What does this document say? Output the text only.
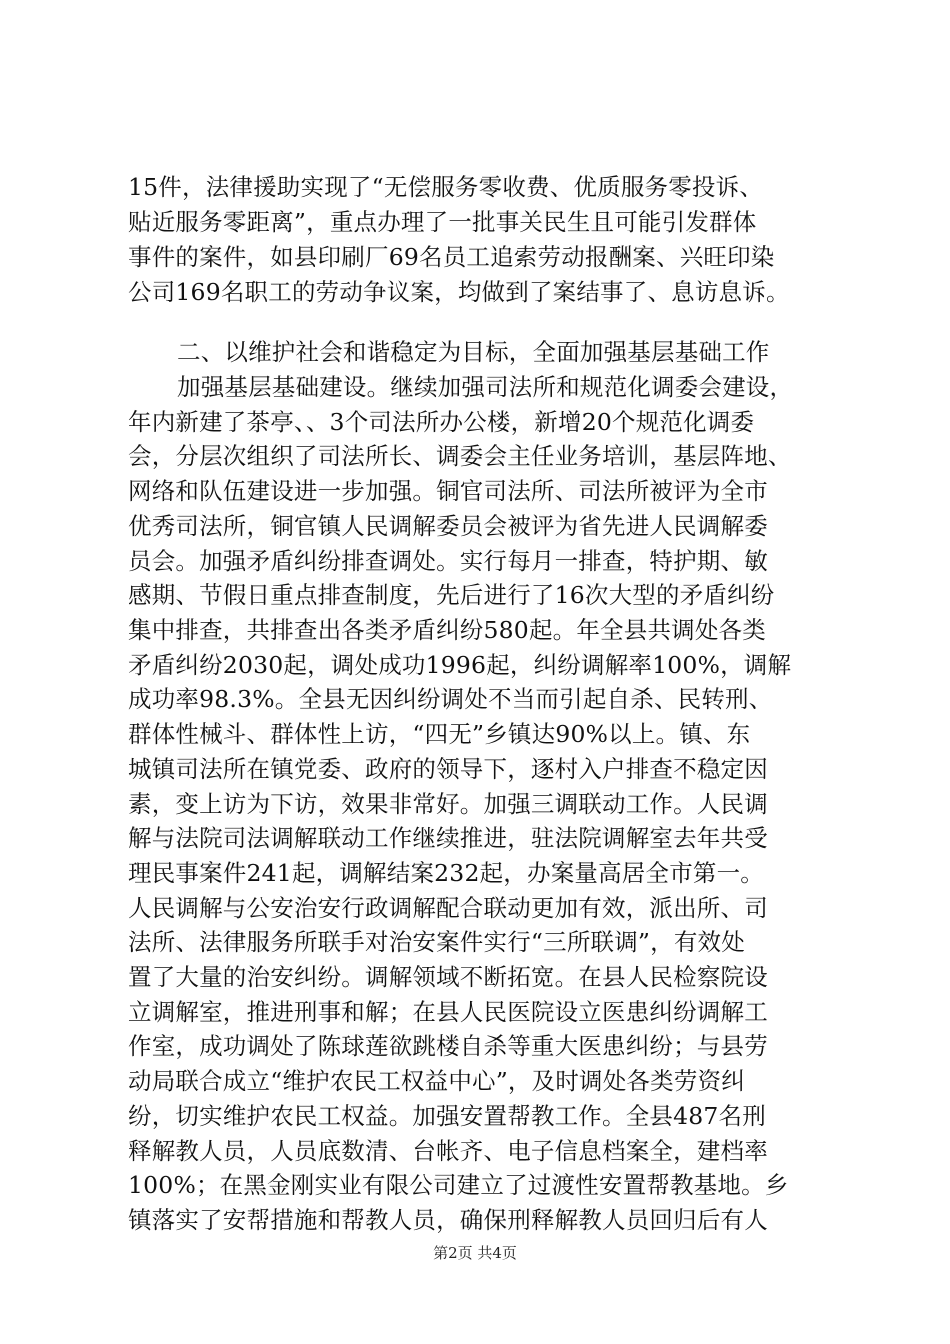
15件，法律援助实现了“无偿服务零收费、优质服务零投诉、
贴近服务零距离”，重点办理了一批事关民生且可能引发群体
事件的案件，如县印刷厂69名员工追索劳动报酬案、兴旺印染
公司169名职工的劳动争议案，均做到了案结事了、息访息诉。
二、以维护社会和谐稳定为目标，全面加强基层基础工作
加强基层基础建设。继续加强司法所和规范化调委会建设，
年内新建了茶亭、、3个司法所办公楼，新增20个规范化调委
会，分层次组织了司法所长、调委会主任业务培训，基层阵地、
网络和队伍建设进一步加强。铜官司法所、司法所被评为全市
优秀司法所，铜官镇人民调解委员会被评为省先进人民调解委
员会。加强矛盾纠纷排查调处。实行每月一排查，特护期、敏
感期、节假日重点排查制度，先后进行了16次大型的矛盾纠纷
集中排查，共排查出各类矛盾纠纷580起。年全县共调处各类
矛盾纠纷2030起，调处成功1996起，纠纷调解率100%，调解
成功率98.3%。全县无因纠纷调处不当而引起自杀、民转刑、
群体性械斗、群体性上访，“四无”乡镇达90%以上。镇、东
城镇司法所在镇党委、政府的领导下，逐村入户排查不稳定因
素，变上访为下访，效果非常好。加强三调联动工作。人民调
解与法院司法调解联动工作继续推进，驻法院调解室去年共受
理民事案件241起，调解结案232起，办案量高居全市第一。
人民调解与公安治安行政调解配合联动更加有效，派出所、司
法所、法律服务所联手对治安案件实行“三所联调”，有效处
置了大量的治安纠纷。调解领域不断拓宽。在县人民检察院设
立调解室，推进刑事和解；在县人民医院设立医患纠纷调解工
作室，成功调处了陈球莲欲跳楼自杀等重大医患纠纷；与县劳
动局联合成立“维护农民工权益中心”，及时调处各类劳资纠
纷，切实维护农民工权益。加强安置帮教工作。全县487名刑
释解教人员，人员底数清、台帐齐、电子信息档案全，建档率
100%；在黑金刚实业有限公司建立了过渡性安置帮教基地。乡
镇落实了安帮措施和帮教人员，确保刑释解教人员回归后有人
第2页 共4页
